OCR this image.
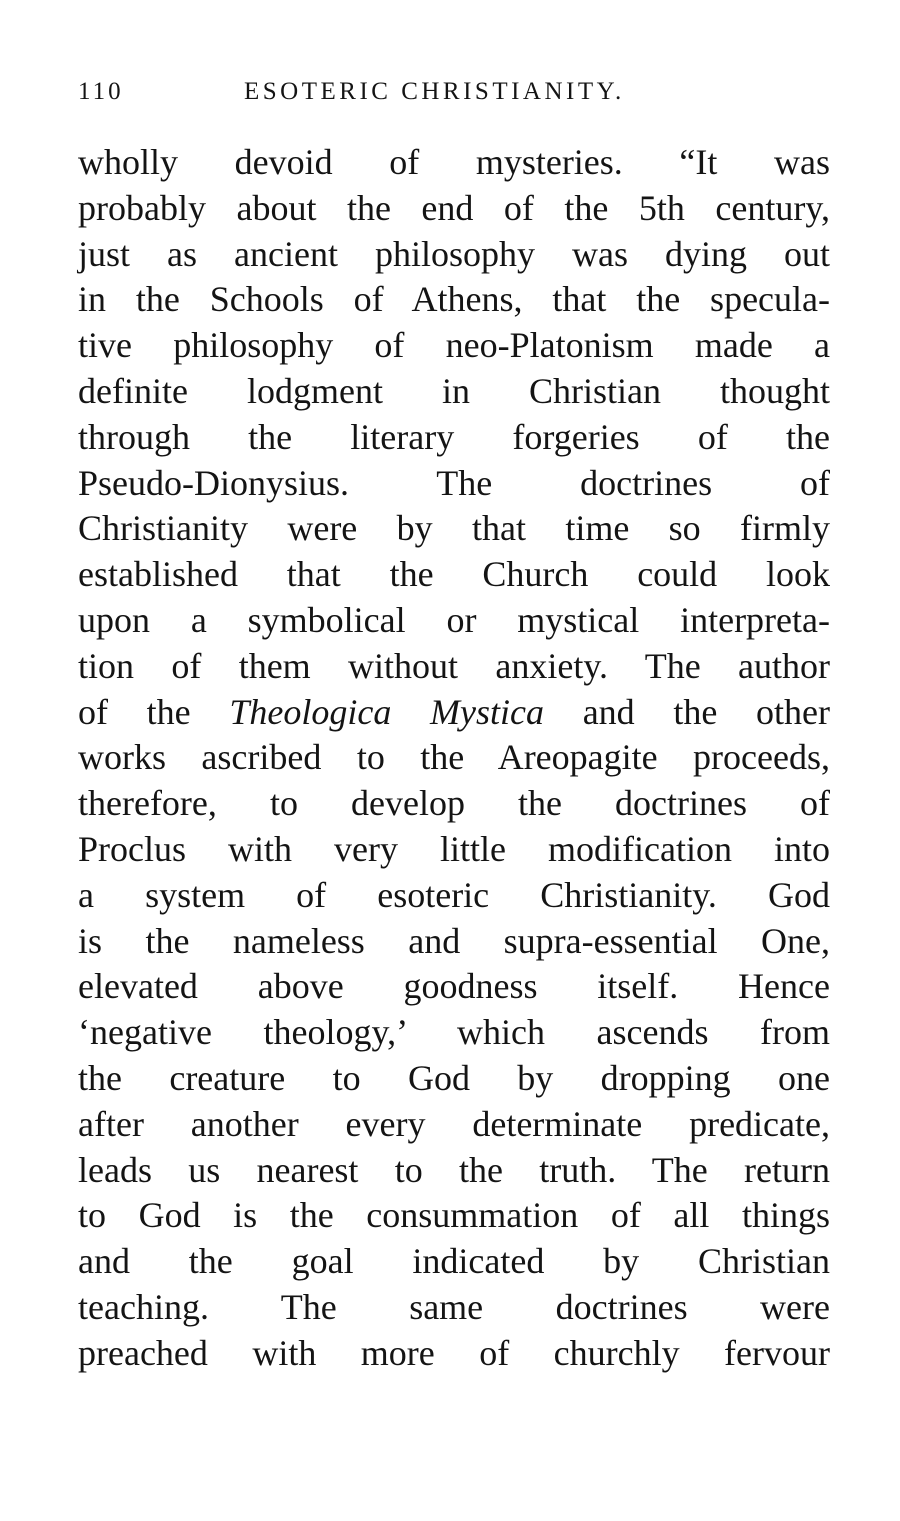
110	ESOTERIC CHRISTIANITY.
wholly devoid of mysteries. “It was
probably about the end of the 5th century,
just as ancient philosophy was dying out
in the Schools of Athens, that the specula-
tive philosophy of neo-Platonism made a
definite lodgment in Christian thought
through the literary forgeries of the
Pseudo-Dionysius. The doctrines of
Christianity were by that time so firmly
established that the Church could look
upon a symbolical or mystical interpreta-
tion of them without anxiety. The author
of the Theologica Mystica and the other
works ascribed to the Areopagite proceeds,
therefore, to develop the doctrines of
Proclus with very little modification into
a system of esoteric Christianity. God
is the nameless and supra-essential One,
elevated above goodness itself. Hence
‘negative theology,’ which ascends from
the creature to God by dropping one
after another every determinate predicate,
leads us nearest to the truth. The return
to God is the consummation of all things
and the goal indicated by Christian
teaching. The same doctrines were
preached with more of churchly fervour
